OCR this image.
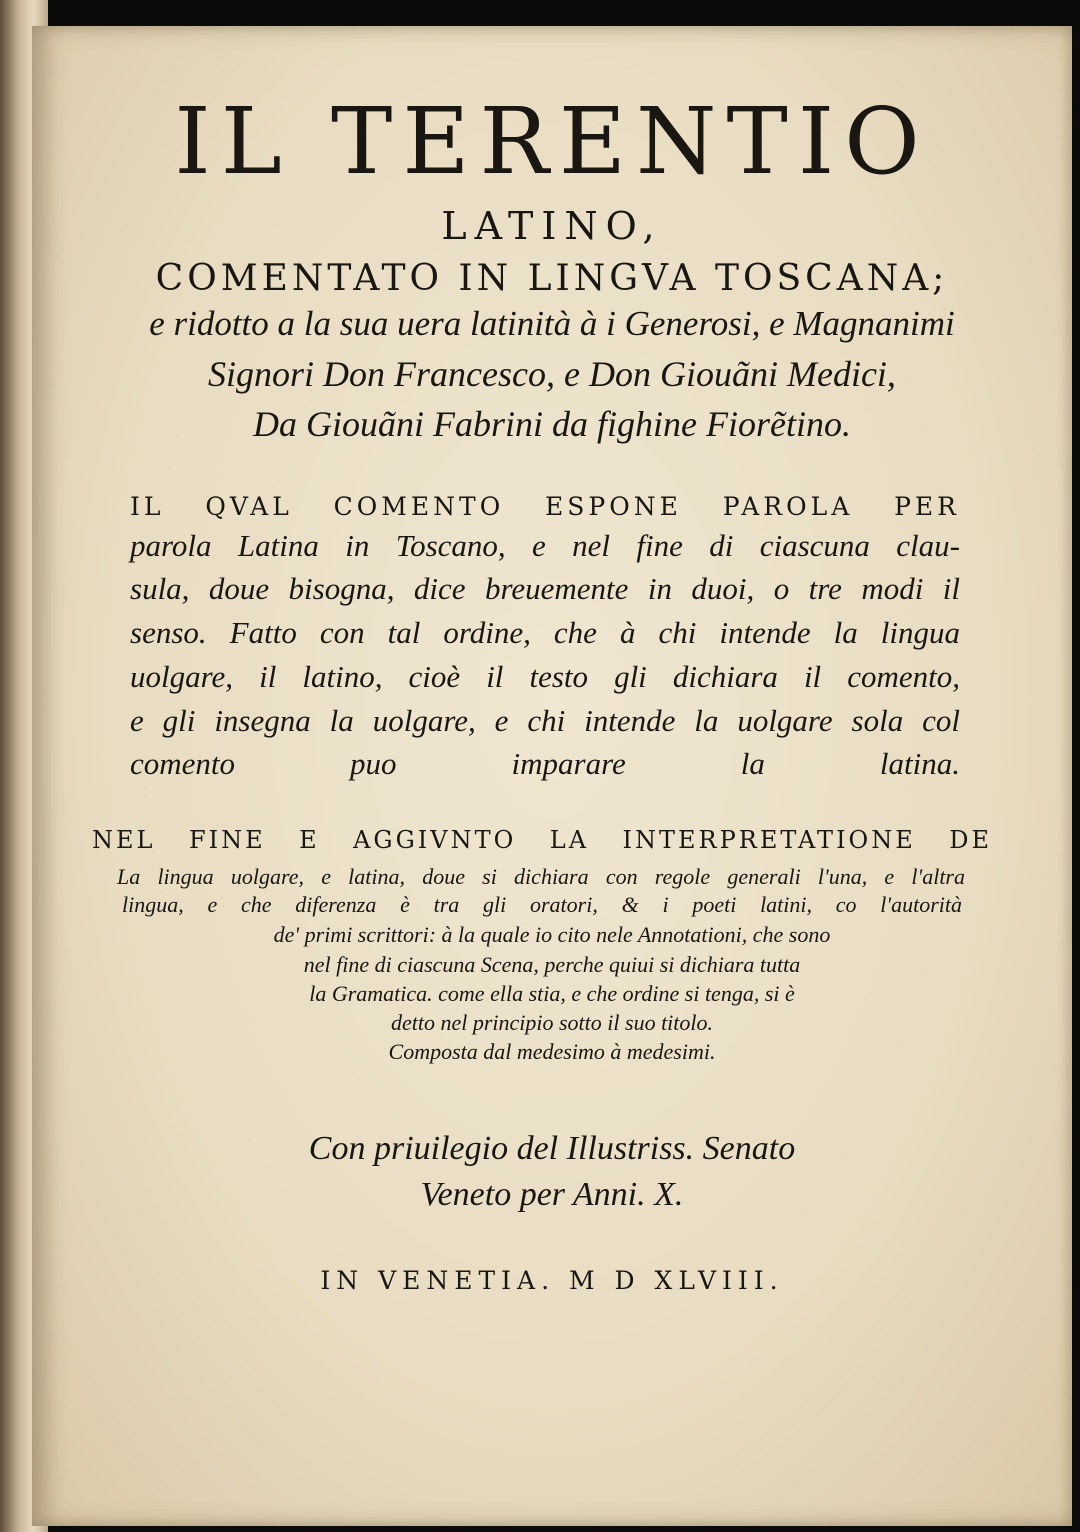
IL TERENTIO
LATINO,
COMENTATO IN LINGVA TOSCANA;
e ridotto a la sua uera latinità à i Generosi, e Magnanimi
Signori Don Francesco, e Don Giouãni Medici,
Da Giouãni Fabrini da fighine Fiorẽtino.
IL QVAL COMENTO ESPONE PAROLA PER
parola Latina in Toscano, e nel fine di ciascuna clau-
sula, doue bisogna, dice breuemente in duoi, o tre modi il
senso. Fatto con tal ordine, che à chi intende la lingua
uolgare, il latino, cioè il testo gli dichiara il comento,
e gli insegna la uolgare, e chi intende la uolgare sola col
comento puo imparare la latina.
NEL FINE E AGGIVNTO LA INTERPRETATIONE DE
La lingua uolgare, e latina, doue si dichiara con regole generali l'una, e l'altra
lingua, e che diferenza è tra gli oratori, & i poeti latini, co l'autorità
de' primi scrittori: à la quale io cito nele Annotationi, che sono
nel fine di ciascuna Scena, perche quiui si dichiara tutta
la Gramatica. come ella stia, e che ordine si tenga, si è
detto nel principio sotto il suo titolo.
Composta dal medesimo à medesimi.
Con priuilegio del Illustriss. Senato
Veneto per Anni. X.
IN VENETIA. M D XLVIII.
